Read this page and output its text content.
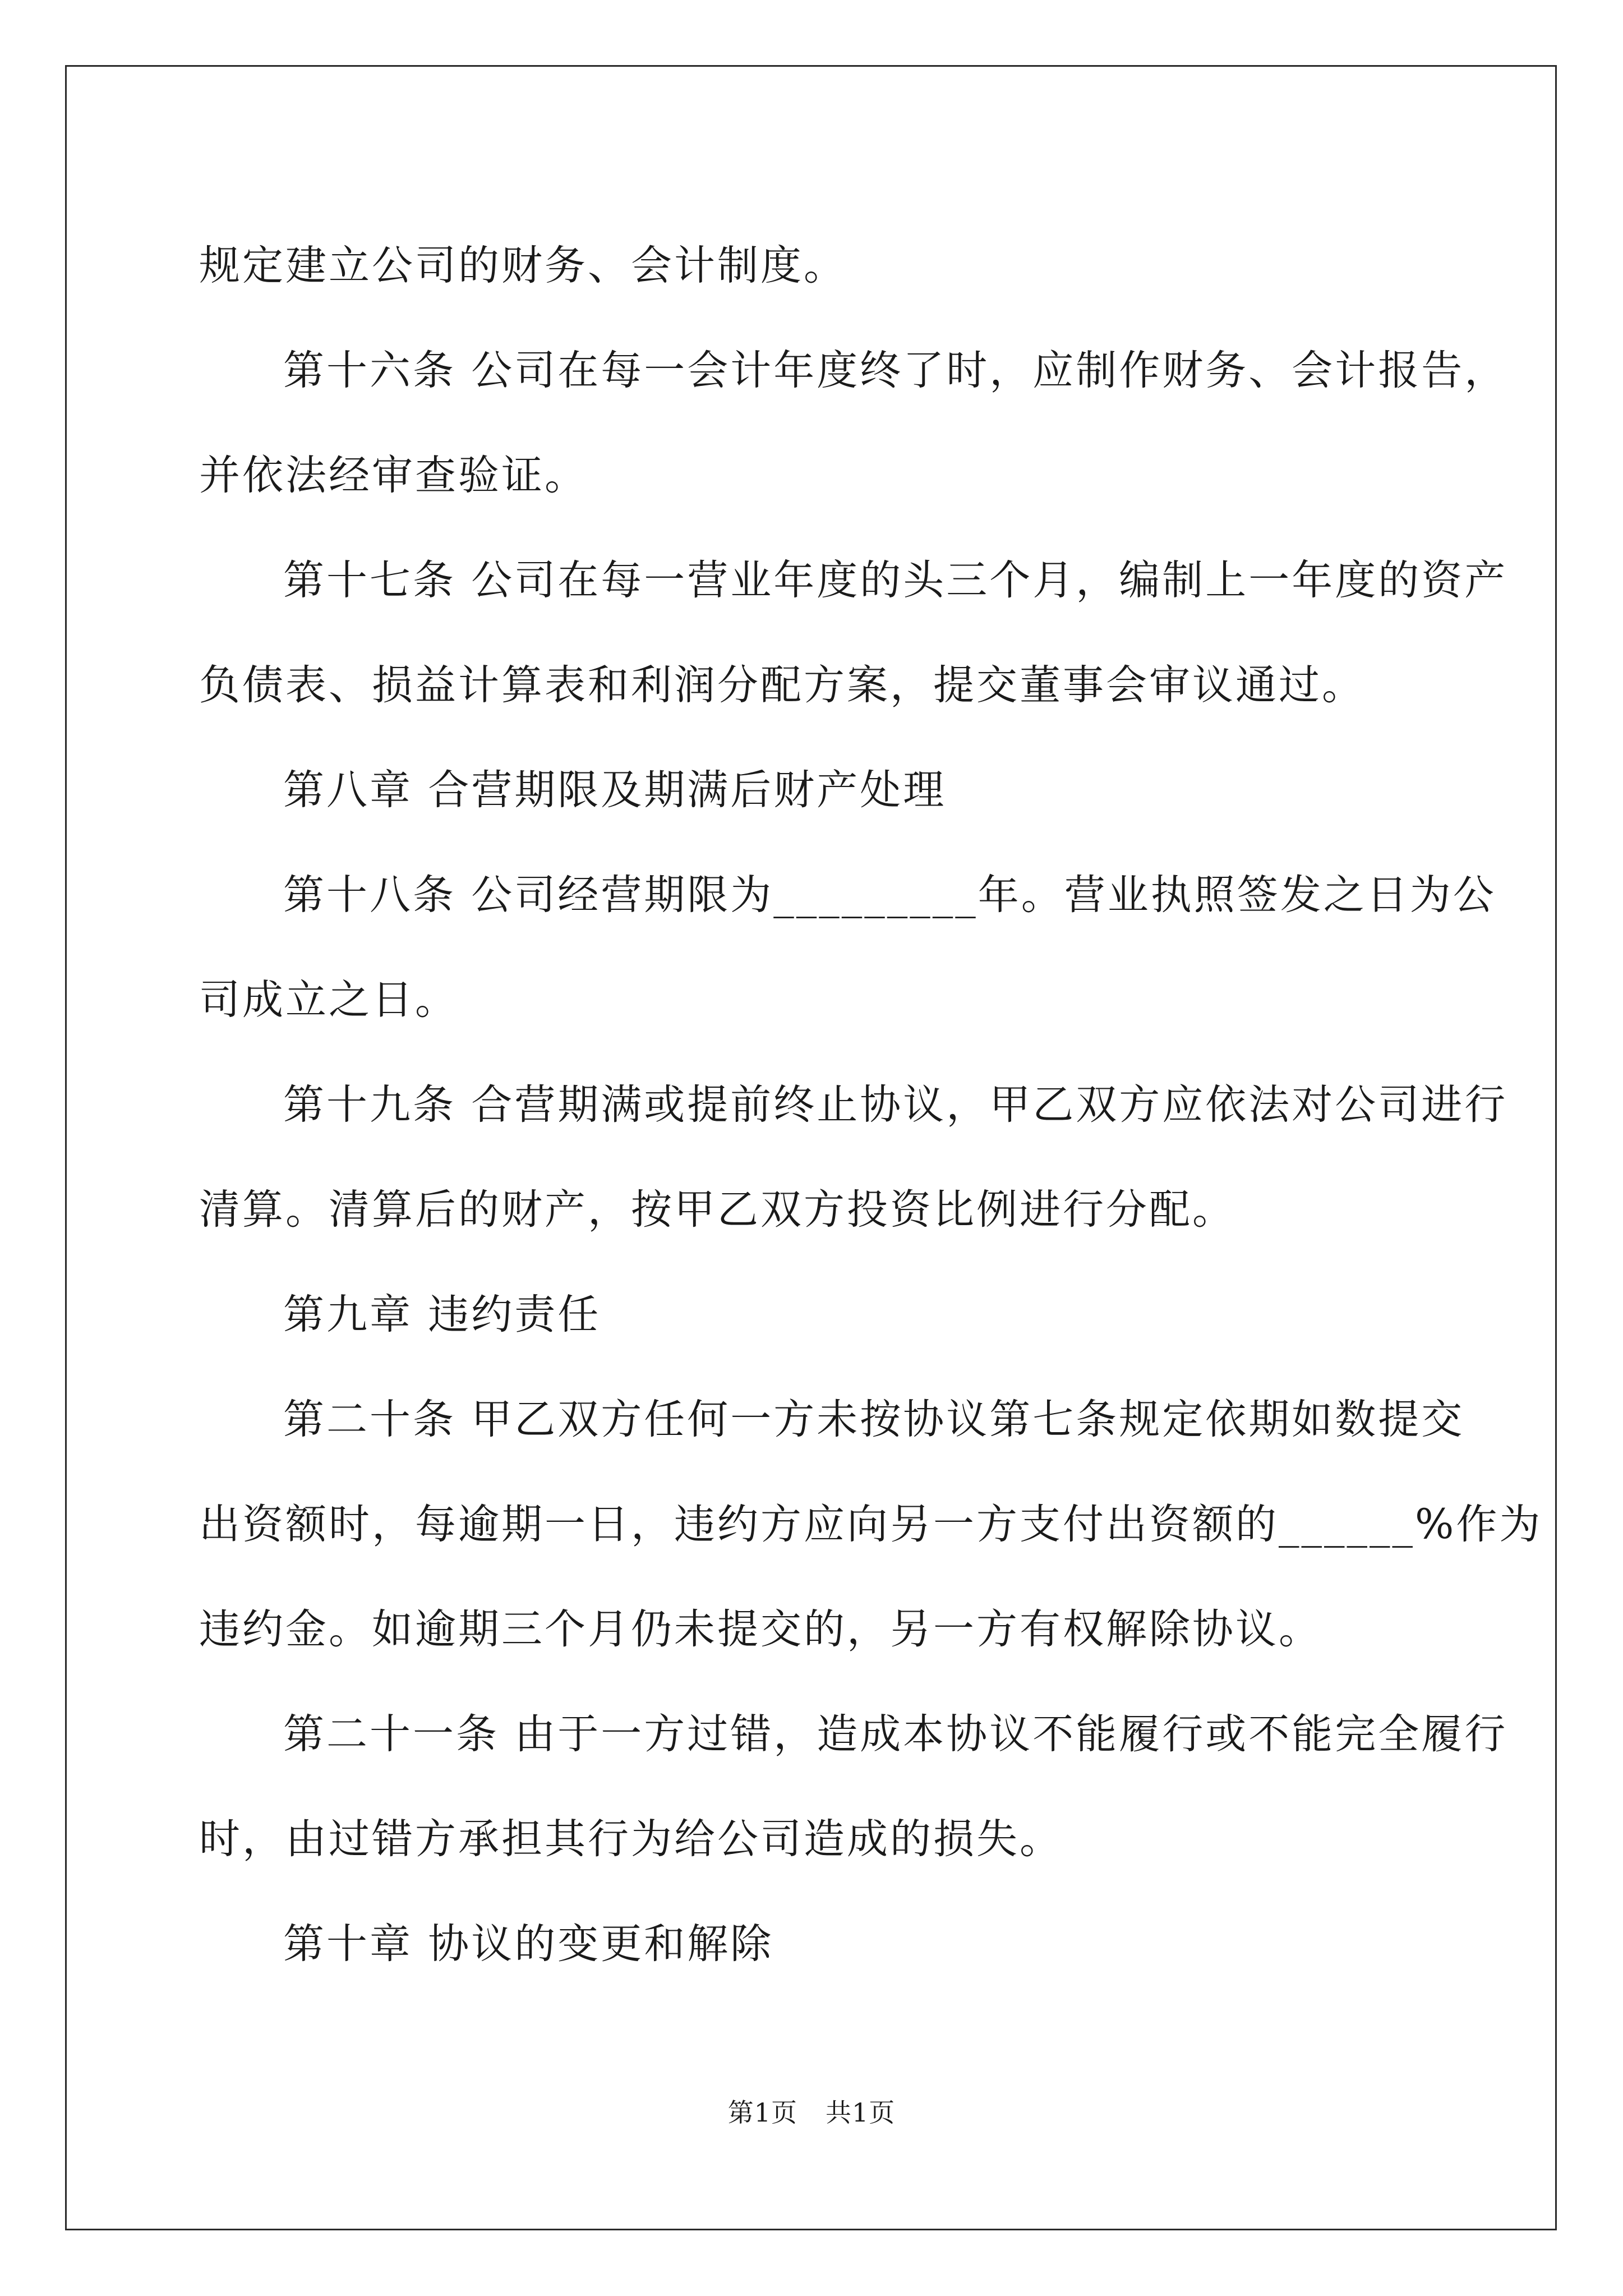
规定建立公司的财务、会计制度。

第十六条 公司在每一会计年度终了时，应制作财务、会计报告，

并依法经审查验证。

第十七条 公司在每一营业年度的头三个月，编制上一年度的资产

负债表、损益计算表和利润分配方案，提交董事会审议通过。

第八章 合营期限及期满后财产处理

第十八条 公司经营期限为_________年。营业执照签发之日为公

司成立之日。

第十九条 合营期满或提前终止协议，甲乙双方应依法对公司进行

清算。清算后的财产，按甲乙双方投资比例进行分配。

第九章 违约责任

第二十条 甲乙双方任何一方未按协议第七条规定依期如数提交

出资额时，每逾期一日，违约方应向另一方支付出资额的______%作为

违约金。如逾期三个月仍未提交的，另一方有权解除协议。

第二十一条 由于一方过错，造成本协议不能履行或不能完全履行

时，由过错方承担其行为给公司造成的损失。

第十章 协议的变更和解除

第1页 共1页
